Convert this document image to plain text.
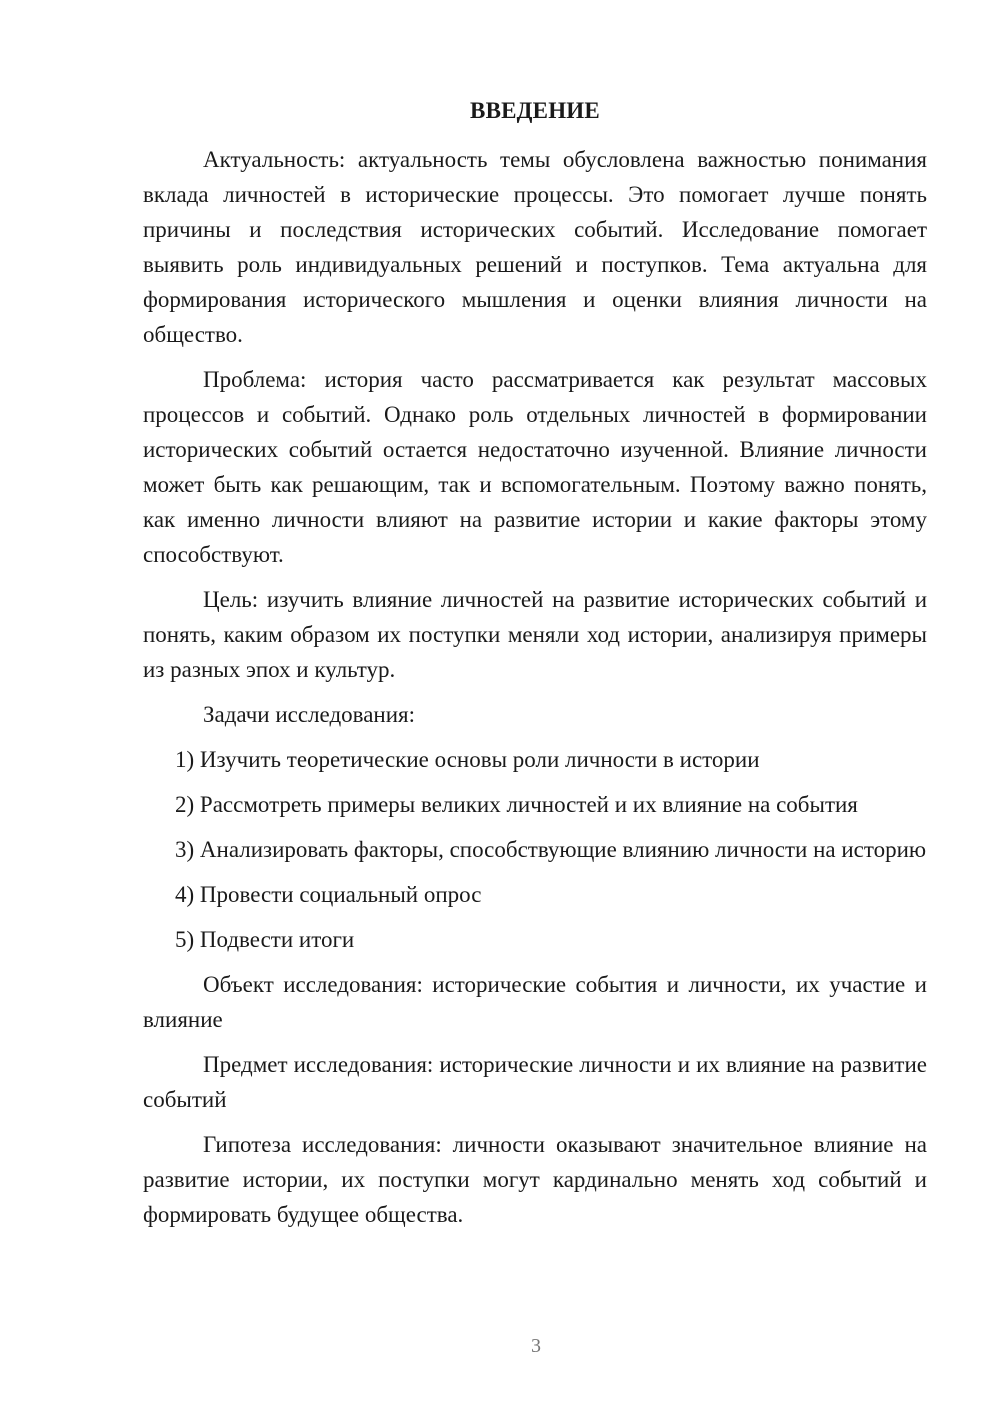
ВВЕДЕНИЕ

Актуальность: актуальность темы обусловлена важностью понимания вклада личностей в исторические процессы. Это помогает лучше понять причины и последствия исторических событий. Исследование помогает выявить роль индивидуальных решений и поступков. Тема актуальна для формирования исторического мышления и оценки влияния личности на общество.

Проблема: история часто рассматривается как результат массовых процессов и событий. Однако роль отдельных личностей в формировании исторических событий остается недостаточно изученной. Влияние личности может быть как решающим, так и вспомогательным. Поэтому важно понять, как именно личности влияют на развитие истории и какие факторы этому способствуют.

Цель: изучить влияние личностей на развитие исторических событий и понять, каким образом их поступки меняли ход истории, анализируя примеры из разных эпох и культур.

Задачи исследования:

1) Изучить теоретические основы роли личности в истории

2) Рассмотреть примеры великих личностей и их влияние на события

3) Анализировать факторы, способствующие влиянию личности на историю

4) Провести социальный опрос

5) Подвести итоги

Объект исследования: исторические события и личности, их участие и влияние

Предмет исследования: исторические личности и их влияние на развитие событий

Гипотеза исследования: личности оказывают значительное влияние на развитие истории, их поступки могут кардинально менять ход событий и формировать будущее общества.

3
